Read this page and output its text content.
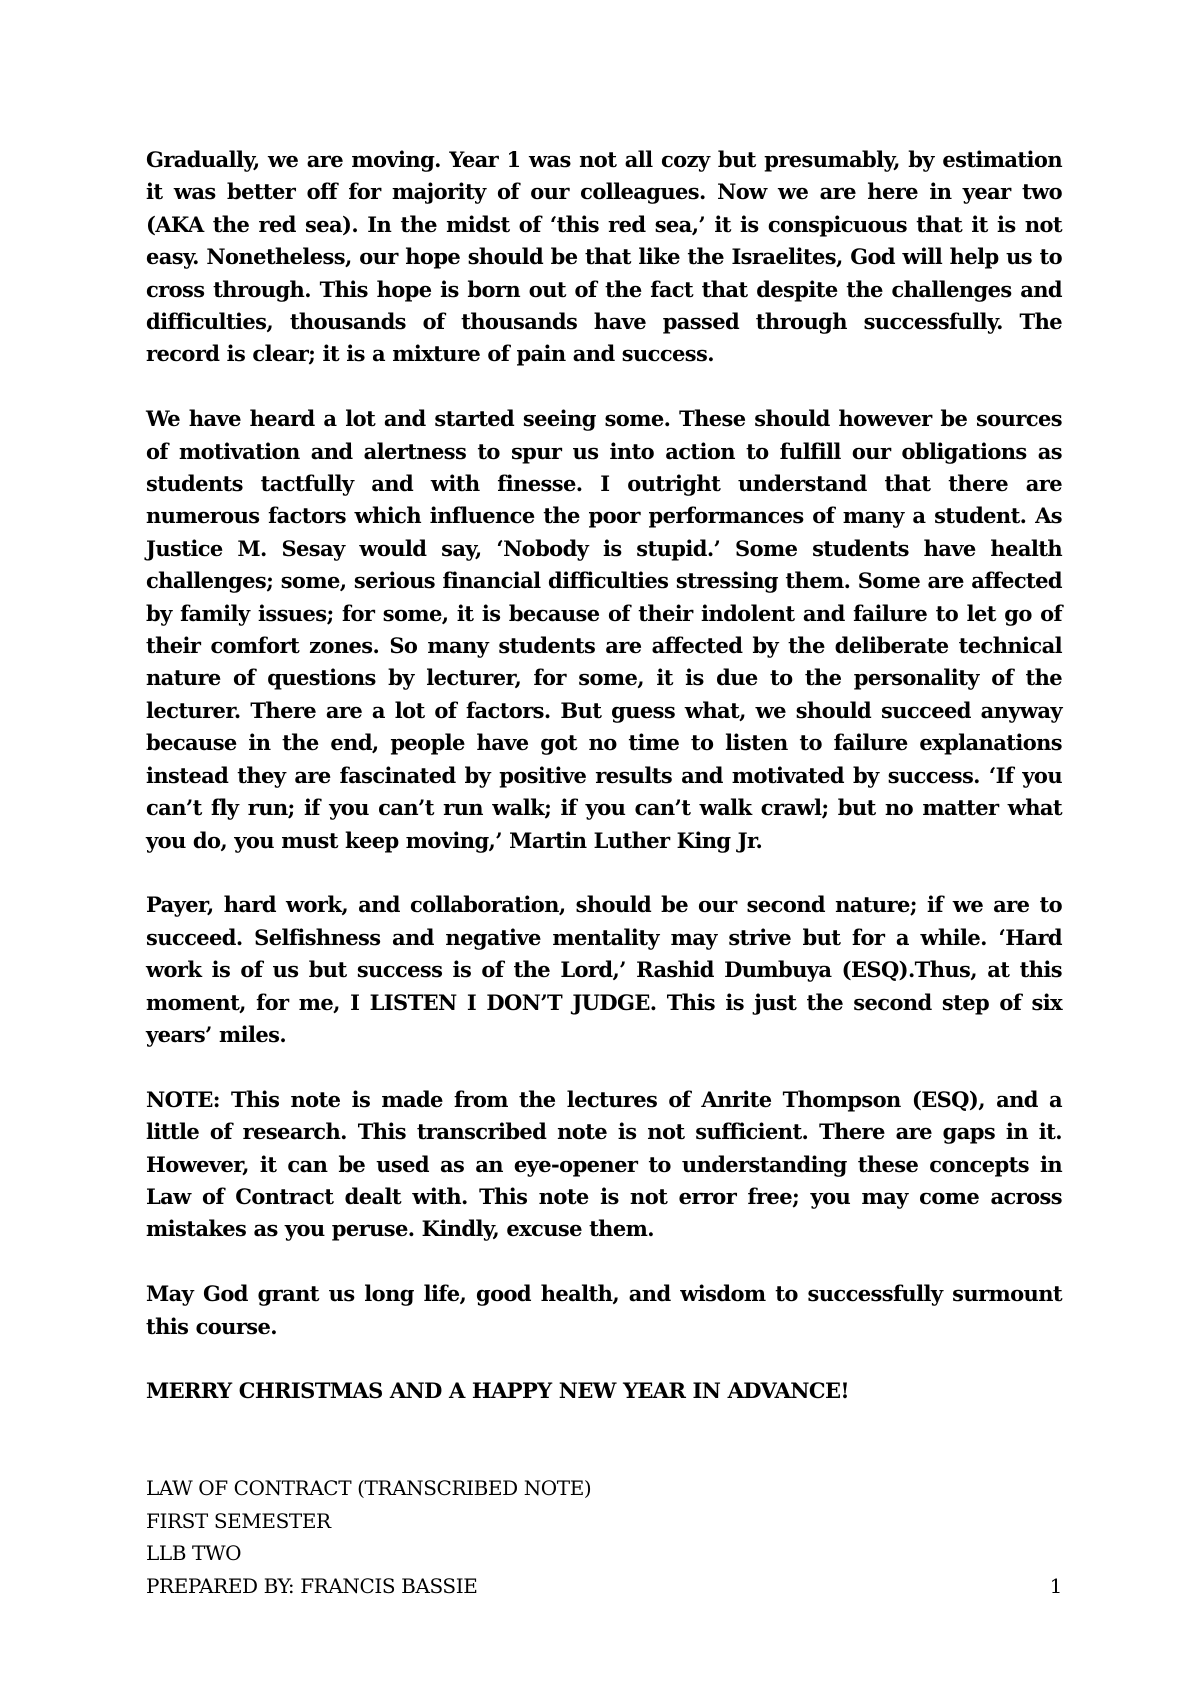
Gradually, we are moving. Year 1 was not all cozy but presumably, by estimation it was better off for majority of our colleagues. Now we are here in year two (AKA the red sea). In the midst of ‘this red sea,’ it is conspicuous that it is not easy. Nonetheless, our hope should be that like the Israelites, God will help us to cross through. This hope is born out of the fact that despite the challenges and difficulties, thousands of thousands have passed through successfully. The record is clear; it is a mixture of pain and success.

We have heard a lot and started seeing some. These should however be sources of motivation and alertness to spur us into action to fulfill our obligations as students tactfully and with finesse. I outright understand that there are numerous factors which influence the poor performances of many a student. As Justice M. Sesay would say, ‘Nobody is stupid.’ Some students have health challenges; some, serious financial difficulties stressing them. Some are affected by family issues; for some, it is because of their indolent and failure to let go of their comfort zones. So many students are affected by the deliberate technical nature of questions by lecturer, for some, it is due to the personality of the lecturer. There are a lot of factors. But guess what, we should succeed anyway because in the end, people have got no time to listen to failure explanations instead they are fascinated by positive results and motivated by success. ‘If you can’t fly run; if you can’t run walk; if you can’t walk crawl; but no matter what you do, you must keep moving,’ Martin Luther King Jr.

Payer, hard work, and collaboration, should be our second nature; if we are to succeed. Selfishness and negative mentality may strive but for a while. ‘Hard work is of us but success is of the Lord,’ Rashid Dumbuya (ESQ).Thus, at this moment, for me, I LISTEN I DON’T JUDGE. This is just the second step of six years’ miles.

NOTE: This note is made from the lectures of Anrite Thompson (ESQ), and a little of research. This transcribed note is not sufficient. There are gaps in it. However, it can be used as an eye-opener to understanding these concepts in Law of Contract dealt with. This note is not error free; you may come across mistakes as you peruse. Kindly, excuse them.

May God grant us long life, good health, and wisdom to successfully surmount this course.

MERRY CHRISTMAS AND A HAPPY NEW YEAR IN ADVANCE!

LAW OF CONTRACT (TRANSCRIBED NOTE)
FIRST SEMESTER
LLB TWO
PREPARED BY: FRANCIS BASSIE	1
